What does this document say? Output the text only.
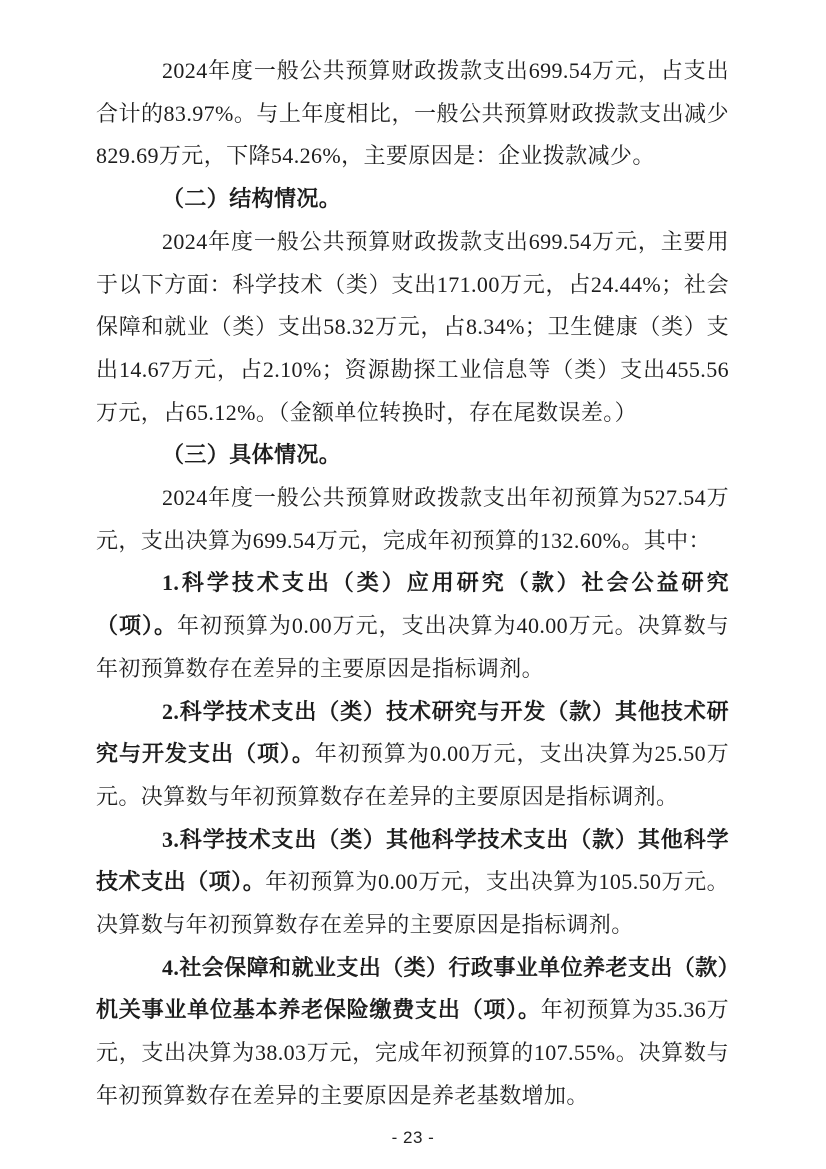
2024年度一般公共预算财政拨款支出699.54万元，占支出合计的83.97%。与上年度相比，一般公共预算财政拨款支出减少829.69万元，下降54.26%，主要原因是：企业拨款减少。

（二）结构情况。

2024年度一般公共预算财政拨款支出699.54万元，主要用于以下方面：科学技术（类）支出171.00万元，占24.44%；社会保障和就业（类）支出58.32万元，占8.34%；卫生健康（类）支出14.67万元，占2.10%；资源勘探工业信息等（类）支出455.56万元，占65.12%。（金额单位转换时，存在尾数误差。）

（三）具体情况。

2024年度一般公共预算财政拨款支出年初预算为527.54万元，支出决算为699.54万元，完成年初预算的132.60%。其中：

1.科学技术支出（类）应用研究（款）社会公益研究（项）。年初预算为0.00万元，支出决算为40.00万元。决算数与年初预算数存在差异的主要原因是指标调剂。

2.科学技术支出（类）技术研究与开发（款）其他技术研究与开发支出（项）。年初预算为0.00万元，支出决算为25.50万元。决算数与年初预算数存在差异的主要原因是指标调剂。

3.科学技术支出（类）其他科学技术支出（款）其他科学技术支出（项）。年初预算为0.00万元，支出决算为105.50万元。决算数与年初预算数存在差异的主要原因是指标调剂。

4.社会保障和就业支出（类）行政事业单位养老支出（款）机关事业单位基本养老保险缴费支出（项）。年初预算为35.36万元，支出决算为38.03万元，完成年初预算的107.55%。决算数与年初预算数存在差异的主要原因是养老基数增加。

- 23 -
